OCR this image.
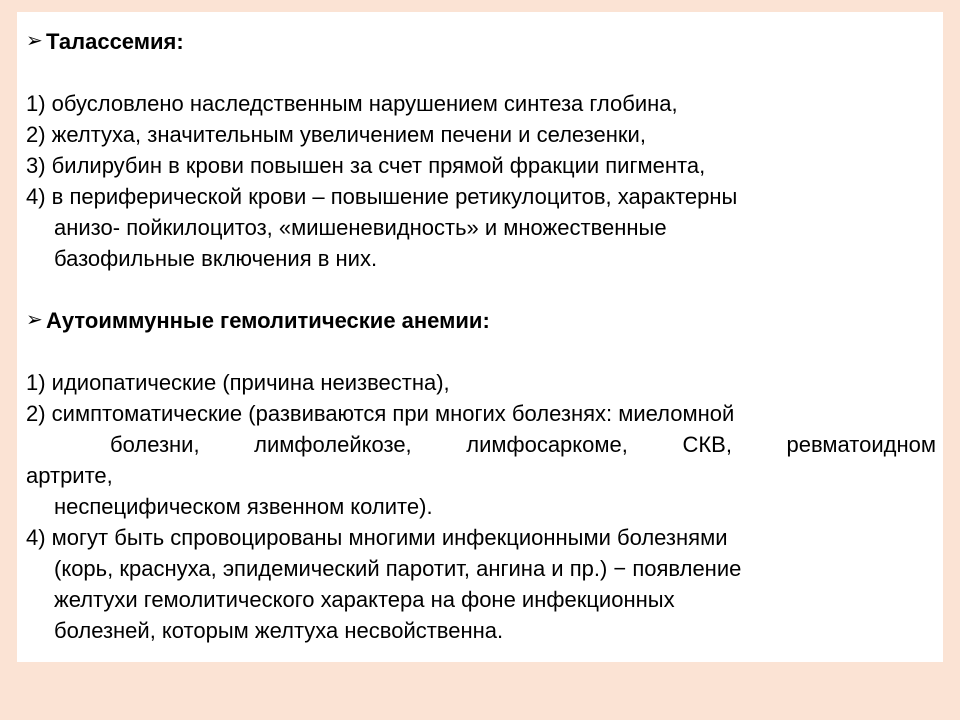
➢ Талассемия:
1) обусловлено наследственным нарушением синтеза глобина,
2) желтуха, значительным увеличением печени и селезенки,
3) билирубин в крови повышен за счет прямой фракции пигмента,
4) в периферической крови – повышение ретикулоцитов, характерны
анизо- пойкилоцитоз, «мишеневидность» и множественные
базофильные включения в них.
➢ Аутоиммунные гемолитические анемии:
1) идиопатические (причина неизвестна),
2) симптоматические (развиваются при многих болезнях: миеломной
болезни, лимфолейкозе, лимфосаркоме, СКВ, ревматоидном
артрите,
неспецифическом язвенном колите).
4) могут быть спровоцированы многими инфекционными болезнями
(корь, краснуха, эпидемический паротит, ангина и пр.) − появление
желтухи гемолитического характера на фоне инфекционных
болезней, которым желтуха несвойственна.
